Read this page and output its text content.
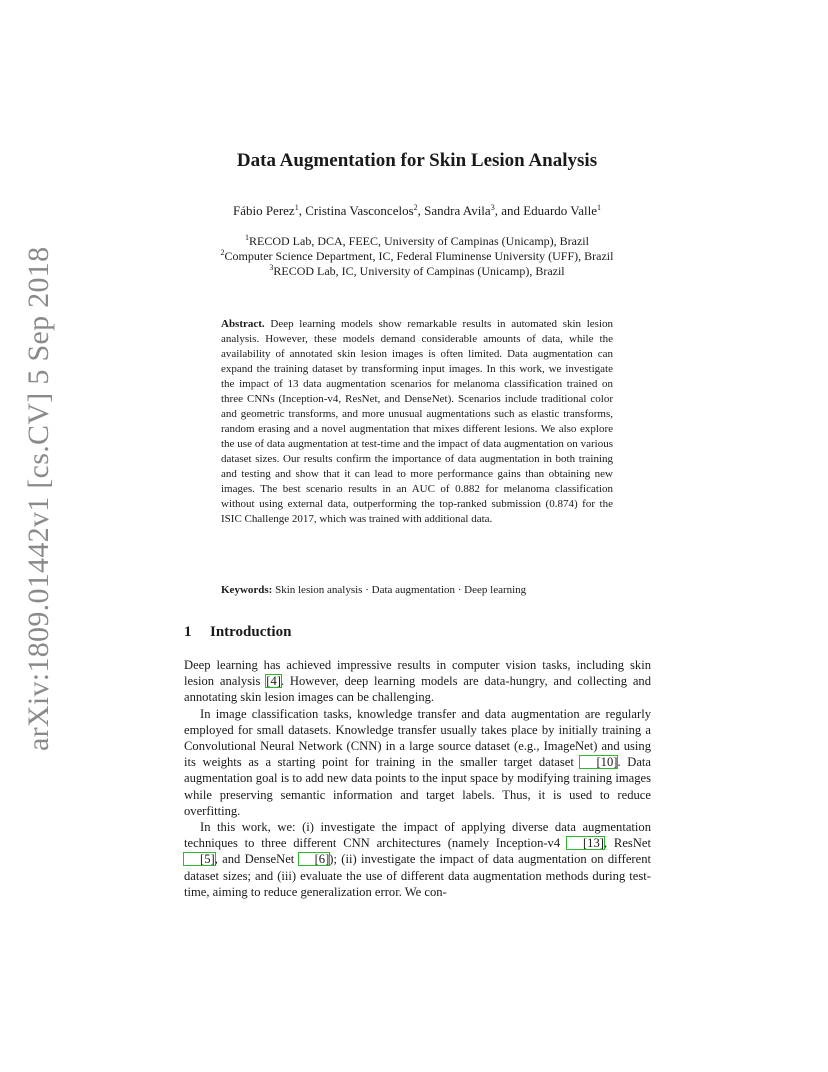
arXiv:1809.01442v1 [cs.CV] 5 Sep 2018
Data Augmentation for Skin Lesion Analysis

Fábio Perez$^1$, Cristina Vasconcelos$^2$, Sandra Avila$^3$, and Eduardo Valle$^1$

$^1$RECOD Lab, DCA, FEEC, University of Campinas (Unicamp), Brazil
$^2$Computer Science Department, IC, Federal Fluminense University (UFF), Brazil
$^3$RECOD Lab, IC, University of Campinas (Unicamp), Brazil

Abstract. Deep learning models show remarkable results in automated skin lesion analysis. However, these models demand considerable amounts of data, while the availability of annotated skin lesion images is often limited. Data augmentation can expand the training dataset by transforming input images. In this work, we investigate the impact of 13 data augmentation scenarios for melanoma classification trained on three CNNs (Inception-v4, ResNet, and DenseNet). Scenarios include traditional color and geometric transforms, and more unusual augmentations such as elastic transforms, random erasing and a novel augmentation that mixes different lesions. We also explore the use of data augmentation at test-time and the impact of data augmentation on various dataset sizes. Our results confirm the importance of data augmentation in both training and testing and show that it can lead to more performance gains than obtaining new images. The best scenario results in an AUC of 0.882 for melanoma classification without using external data, outperforming the top-ranked submission (0.874) for the ISIC Challenge 2017, which was trained with additional data.

Keywords: Skin lesion analysis · Data augmentation · Deep learning

1 Introduction

Deep learning has achieved impressive results in computer vision tasks, including skin lesion analysis [4]. However, deep learning models are data-hungry, and collecting and annotating skin lesion images can be challenging.

In image classification tasks, knowledge transfer and data augmentation are regularly employed for small datasets. Knowledge transfer usually takes place by initially training a Convolutional Neural Network (CNN) in a large source dataset (e.g., ImageNet) and using its weights as a starting point for training in the smaller target dataset [10]. Data augmentation goal is to add new data points to the input space by modifying training images while preserving semantic information and target labels. Thus, it is used to reduce overfitting.

In this work, we: (i) investigate the impact of applying diverse data augmentation techniques to three different CNN architectures (namely Inception-v4 [13], ResNet [5], and DenseNet [6]); (ii) investigate the impact of data augmentation on different dataset sizes; and (iii) evaluate the use of different data augmentation methods during test-time, aiming to reduce generalization error. We con-
